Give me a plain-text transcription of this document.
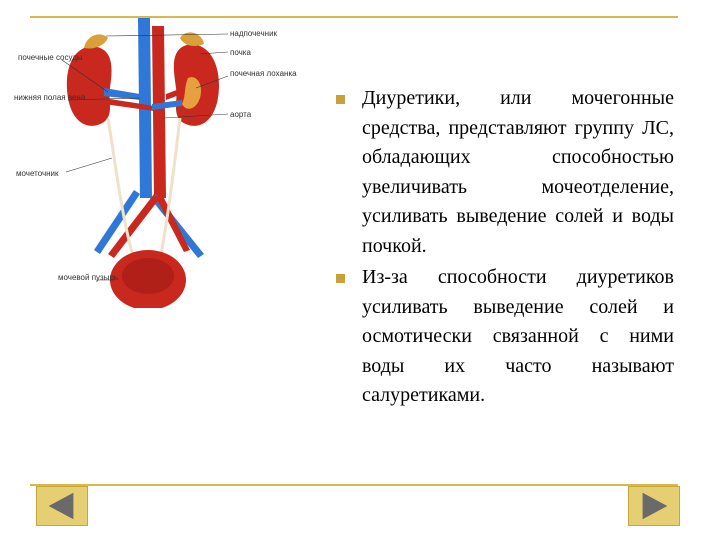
надпочечник
почка
почечные сосуды
почечная лоханка
нижняя полая вена
аорта
мочеточник
мочевой пузырь
Диуретики, или мочегонные средства, представляют группу ЛС, обладающих способностью увеличивать мочеотделение, усиливать выведение солей и воды почкой.
Из-за способности диуретиков усиливать выведение солей и осмотически связанной с ними воды их часто называют салуретиками.
